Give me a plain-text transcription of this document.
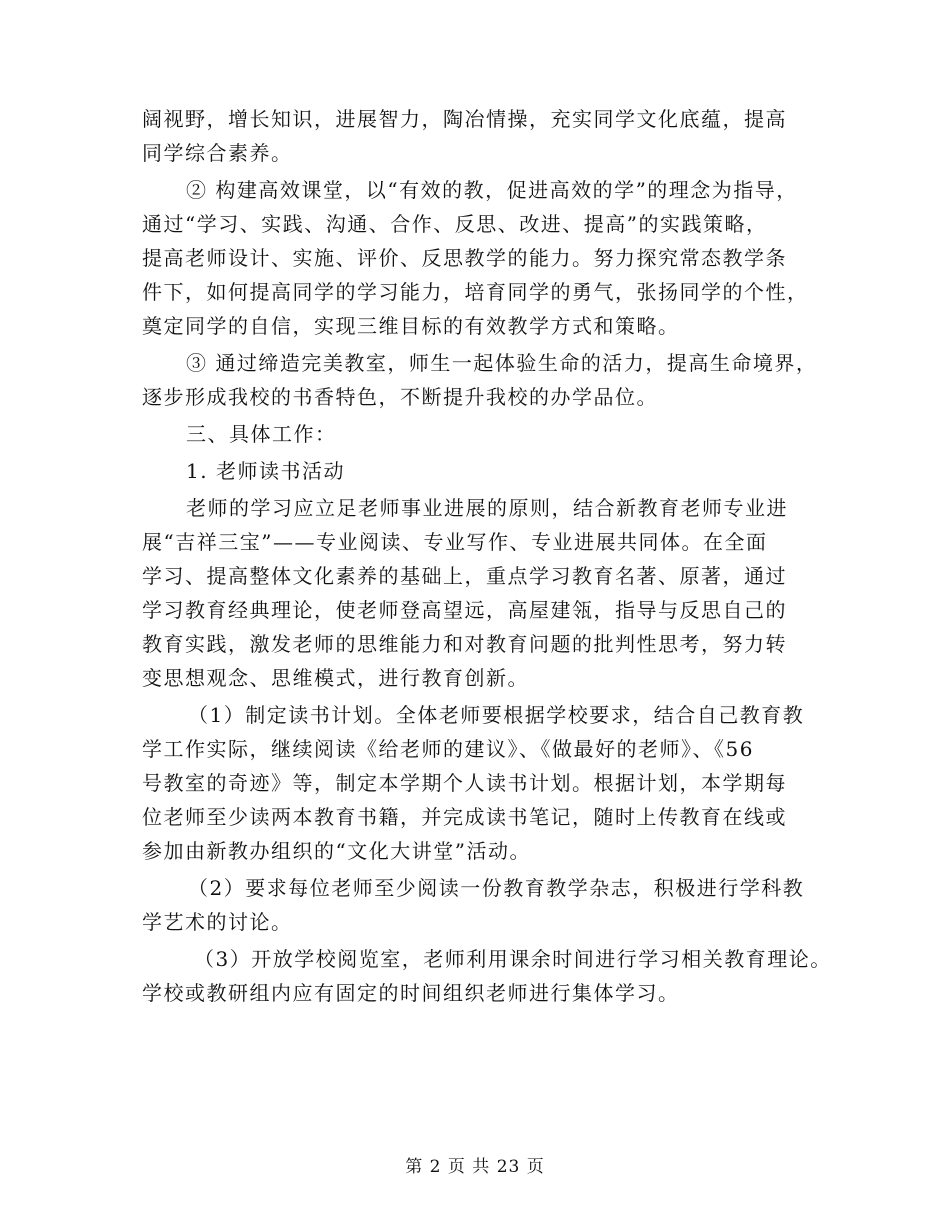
阔视野，增长知识，进展智力，陶冶情操，充实同学文化底蕴，提高
同学综合素养。
② 构建高效课堂，以“有效的教，促进高效的学”的理念为指导，
通过“学习、实践、沟通、合作、反思、改进、提高”的实践策略，
提高老师设计、实施、评价、反思教学的能力。努力探究常态教学条
件下，如何提高同学的学习能力，培育同学的勇气，张扬同学的个性，
奠定同学的自信，实现三维目标的有效教学方式和策略。
③ 通过缔造完美教室，师生一起体验生命的活力，提高生命境界，
逐步形成我校的书香特色，不断提升我校的办学品位。
三、具体工作：
1. 老师读书活动
老师的学习应立足老师事业进展的原则，结合新教育老师专业进
展“吉祥三宝”——专业阅读、专业写作、专业进展共同体。在全面
学习、提高整体文化素养的基础上，重点学习教育名著、原著，通过
学习教育经典理论，使老师登高望远，高屋建瓴，指导与反思自己的
教育实践，激发老师的思维能力和对教育问题的批判性思考，努力转
变思想观念、思维模式，进行教育创新。
（1）制定读书计划。全体老师要根据学校要求，结合自己教育教
学工作实际，继续阅读《给老师的建议》、《做最好的老师》、《56
号教室的奇迹》等，制定本学期个人读书计划。根据计划，本学期每
位老师至少读两本教育书籍，并完成读书笔记，随时上传教育在线或
参加由新教办组织的“文化大讲堂”活动。
（2）要求每位老师至少阅读一份教育教学杂志，积极进行学科教
学艺术的讨论。
（3）开放学校阅览室，老师利用课余时间进行学习相关教育理论。
学校或教研组内应有固定的时间组织老师进行集体学习。
第 2 页 共 23 页
